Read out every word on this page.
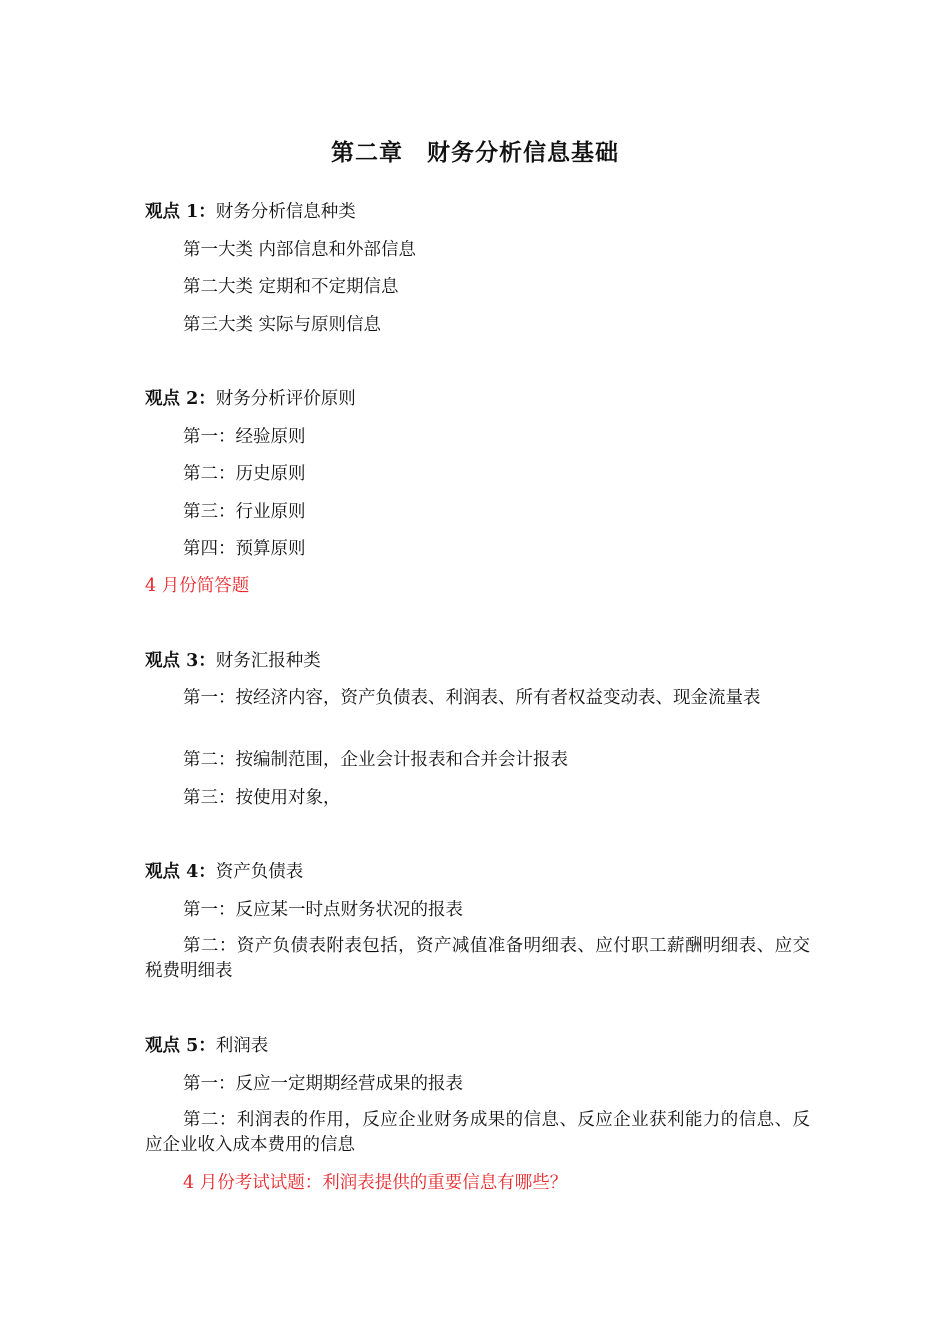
第二章　财务分析信息基础
观点 1：财务分析信息种类
第一大类 内部信息和外部信息
第二大类 定期和不定期信息
第三大类 实际与原则信息
观点 2：财务分析评价原则
第一：经验原则
第二：历史原则
第三：行业原则
第四：预算原则
4 月份简答题
观点 3：财务汇报种类
第一：按经济内容，资产负债表、利润表、所有者权益变动表、现金流量表
第二：按编制范围，企业会计报表和合并会计报表
第三：按使用对象，
观点 4：资产负债表
第一：反应某一时点财务状况的报表
第二：资产负债表附表包括，资产减值准备明细表、应付职工薪酬明细表、应交税费明细表
观点 5：利润表
第一：反应一定期期经营成果的报表
第二：利润表的作用，反应企业财务成果的信息、反应企业获利能力的信息、反应企业收入成本费用的信息
4 月份考试试题：利润表提供的重要信息有哪些？
